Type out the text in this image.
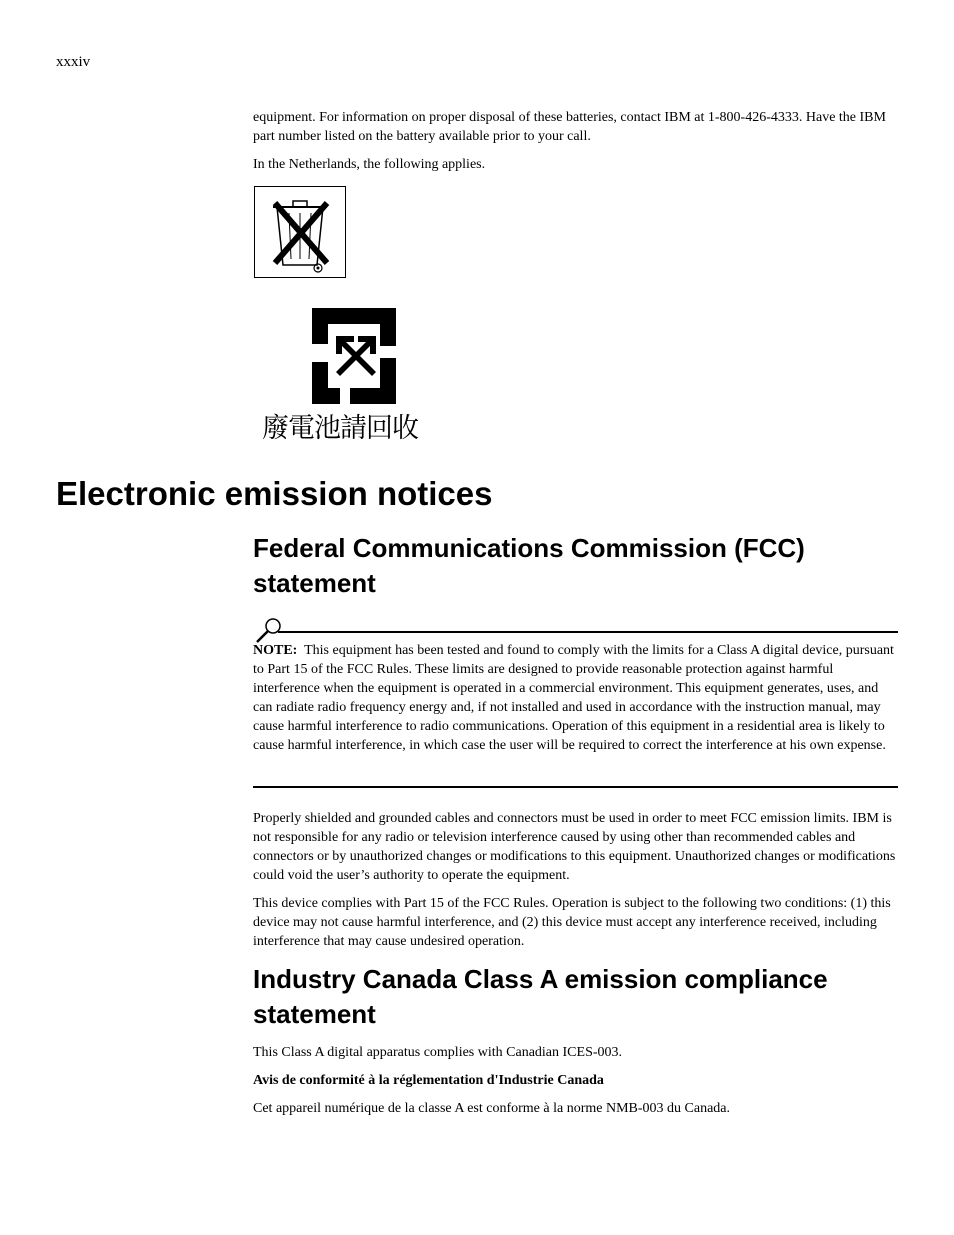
xxxiv

equipment. For information on proper disposal of these batteries, contact IBM at 1-800-426-4333. Have the IBM part number listed on the battery available prior to your call.

In the Netherlands, the following applies.

廢電池請回收
Electronic emission notices
Federal Communications Commission (FCC) statement

NOTE: This equipment has been tested and found to comply with the limits for a Class A digital device, pursuant to Part 15 of the FCC Rules. These limits are designed to provide reasonable protection against harmful interference when the equipment is operated in a commercial environment. This equipment generates, uses, and can radiate radio frequency energy and, if not installed and used in accordance with the instruction manual, may cause harmful interference to radio communications. Operation of this equipment in a residential area is likely to cause harmful interference, in which case the user will be required to correct the interference at his own expense.

Properly shielded and grounded cables and connectors must be used in order to meet FCC emission limits. IBM is not responsible for any radio or television interference caused by using other than recommended cables and connectors or by unauthorized changes or modifications to this equipment. Unauthorized changes or modifications could void the user’s authority to operate the equipment.

This device complies with Part 15 of the FCC Rules. Operation is subject to the following two conditions: (1) this device may not cause harmful interference, and (2) this device must accept any interference received, including interference that may cause undesired operation.

Industry Canada Class A emission compliance statement

This Class A digital apparatus complies with Canadian ICES-003.

Avis de conformité à la réglementation d'Industrie Canada

Cet appareil numérique de la classe A est conforme à la norme NMB-003 du Canada.
